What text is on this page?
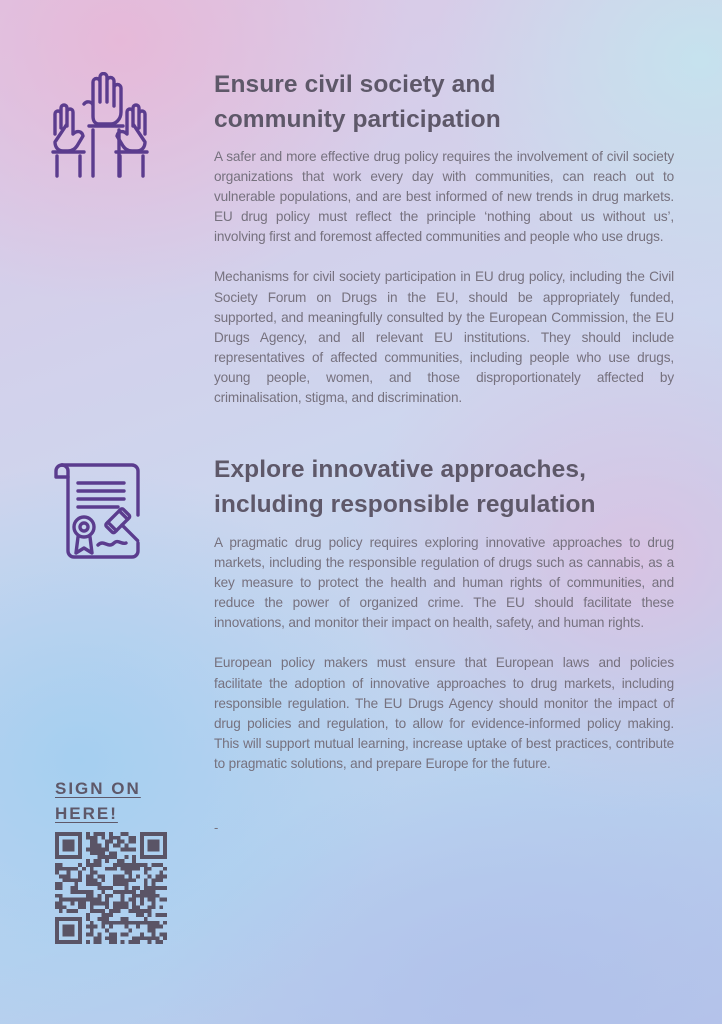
Ensure civil society and
community participation

A safer and more effective drug policy requires the involvement of civil society organizations that work every day with communities, can reach out to vulnerable populations, and are best informed of new trends in drug markets. EU drug policy must reflect the principle ‘nothing about us without us’, involving first and foremost affected communities and people who use drugs.

Mechanisms for civil society participation in EU drug policy, including the Civil Society Forum on Drugs in the EU, should be appropriately funded, supported, and meaningfully consulted by the European Commission, the EU Drugs Agency, and all relevant EU institutions. They should include representatives of affected communities, including people who use drugs, young people, women, and those disproportionately affected by criminalisation, stigma, and discrimination.

Explore innovative approaches,
including responsible regulation

A pragmatic drug policy requires exploring innovative approaches to drug markets, including the responsible regulation of drugs such as cannabis, as a key measure to protect the health and human rights of communities, and reduce the power of organized crime. The EU should facilitate these innovations, and monitor their impact on health, safety, and human rights.

European policy makers must ensure that European laws and policies facilitate the adoption of innovative approaches to drug markets, including responsible regulation. The EU Drugs Agency should monitor the impact of drug policies and regulation, to allow for evidence-informed policy making. This will support mutual learning, increase uptake of best practices, contribute to pragmatic solutions, and prepare Europe for the future.

-
SIGN ON
HERE!
